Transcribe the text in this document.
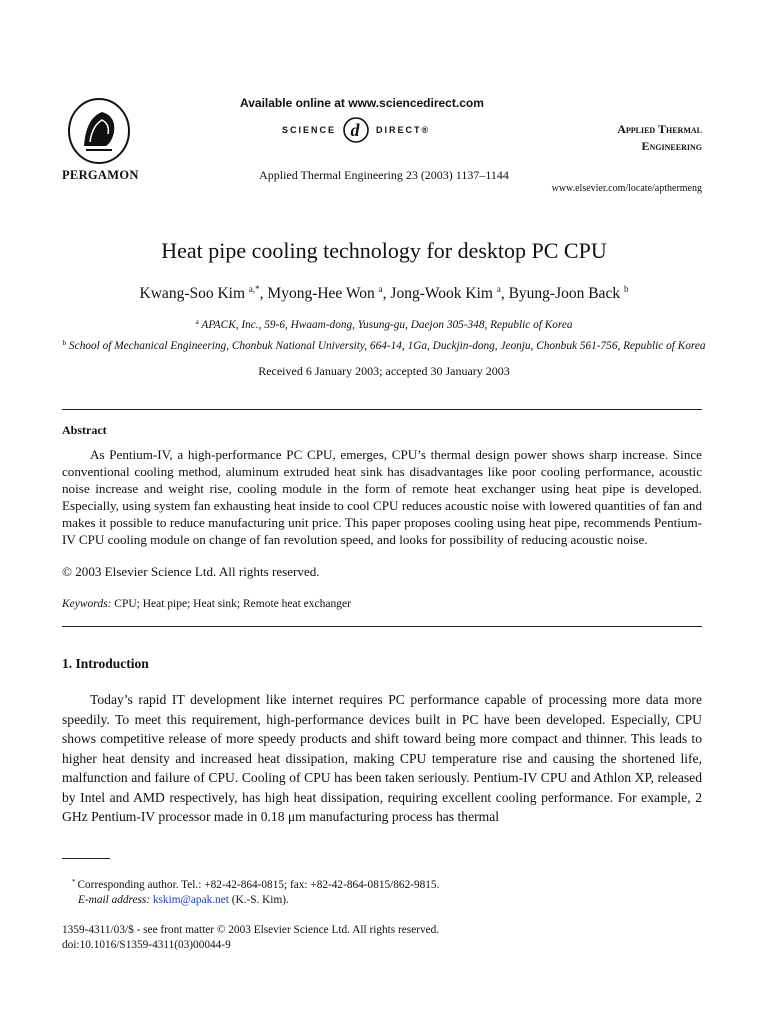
PERGAMON
Available online at www.sciencedirect.com
SCIENCE d DIRECT®
Applied Thermal Engineering 23 (2003) 1137–1144
Applied Thermal
Engineering
www.elsevier.com/locate/apthermeng
Heat pipe cooling technology for desktop PC CPU
Kwang-Soo Kim $^{a,*}$, Myong-Hee Won $^a$, Jong-Wook Kim $^a$, Byung-Joon Back $^b$
$^a$ APACK, Inc., 59-6, Hwaam-dong, Yusung-gu, Daejon 305-348, Republic of Korea
$^b$ School of Mechanical Engineering, Chonbuk National University, 664-14, 1Ga, Duckjin-dong, Jeonju, Chonbuk 561-756, Republic of Korea
Received 6 January 2003; accepted 30 January 2003
Abstract
As Pentium-IV, a high-performance PC CPU, emerges, CPU’s thermal design power shows sharp increase. Since conventional cooling method, aluminum extruded heat sink has disadvantages like poor cooling performance, acoustic noise increase and weight rise, cooling module in the form of remote heat exchanger using heat pipe is developed. Especially, using system fan exhausting heat inside to cool CPU reduces acoustic noise with lowered quantities of fan and makes it possible to reduce manufacturing unit price. This paper proposes cooling using heat pipe, recommends Pentium-IV CPU cooling module on change of fan revolution speed, and looks for possibility of reducing acoustic noise.
© 2003 Elsevier Science Ltd. All rights reserved.
Keywords: CPU; Heat pipe; Heat sink; Remote heat exchanger
1. Introduction
Today’s rapid IT development like internet requires PC performance capable of processing more data more speedily. To meet this requirement, high-performance devices built in PC have been developed. Especially, CPU shows competitive release of more speedy products and shift toward being more compact and thinner. This leads to higher heat density and increased heat dissipation, making CPU temperature rise and causing the shortened life, malfunction and failure of CPU. Cooling of CPU has been taken seriously. Pentium-IV CPU and Athlon XP, released by Intel and AMD respectively, has high heat dissipation, requiring excellent cooling performance. For example, 2 GHz Pentium-IV processor made in 0.18 μm manufacturing process has thermal
* Corresponding author. Tel.: +82-42-864-0815; fax: +82-42-864-0815/862-9815.
E-mail address: kskim@apak.net (K.-S. Kim).
1359-4311/03/$ - see front matter © 2003 Elsevier Science Ltd. All rights reserved.
doi:10.1016/S1359-4311(03)00044-9
